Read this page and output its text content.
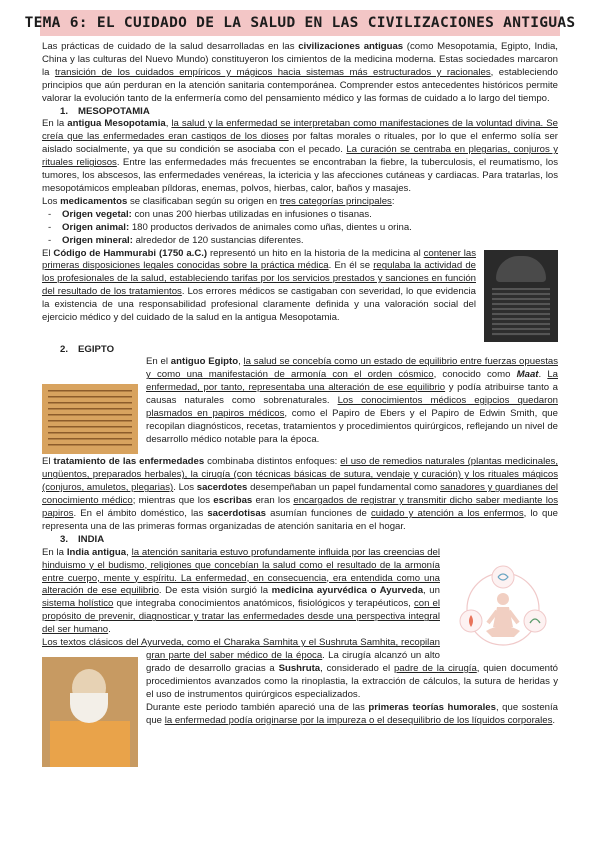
TEMA 6: EL CUIDADO DE LA SALUD EN LAS CIVILIZACIONES ANTIGUAS

Las prácticas de cuidado de la salud desarrolladas en las civilizaciones antiguas (como Mesopotamia, Egipto, India, China y las culturas del Nuevo Mundo) constituyeron los cimientos de la medicina moderna. Estas sociedades marcaron la transición de los cuidados empíricos y mágicos hacia sistemas más estructurados y racionales, estableciendo principios que aún perduran en la atención sanitaria contemporánea. Comprender estos antecedentes históricos permite valorar la evolución tanto de la enfermería como del pensamiento médico y las formas de cuidado a lo largo del tiempo.

1. MESOPOTAMIA

En la antigua Mesopotamia, la salud y la enfermedad se interpretaban como manifestaciones de la voluntad divina. Se creía que las enfermedades eran castigos de los dioses por faltas morales o rituales, por lo que el enfermo solía ser aislado socialmente, ya que su condición se asociaba con el pecado. La curación se centraba en plegarias, conjuros y rituales religiosos. Entre las enfermedades más frecuentes se encontraban la fiebre, la tuberculosis, el reumatismo, los tumores, los abscesos, las enfermedades venéreas, la ictericia y las afecciones cutáneas y cardiacas. Para tratarlas, los mesopotámicos empleaban píldoras, enemas, polvos, hierbas, calor, baños y masajes.

Los medicamentos se clasificaban según su origen en tres categorías principales:

- Origen vegetal: con unas 200 hierbas utilizadas en infusiones o tisanas.
- Origen animal: 180 productos derivados de animales como uñas, dientes u orina.
- Origen mineral: alrededor de 120 sustancias diferentes.

El Código de Hammurabi (1750 a.C.) representó un hito en la historia de la medicina al contener las primeras disposiciones legales conocidas sobre la práctica médica. En él se regulaba la actividad de los profesionales de la salud, estableciendo tarifas por los servicios prestados y sanciones en función del resultado de los tratamientos. Los errores médicos se castigaban con severidad, lo que evidencia la existencia de una responsabilidad profesional claramente definida y una valoración social del ejercicio médico y del cuidado de la salud en la antigua Mesopotamia.

2. EGIPTO

En el antiguo Egipto, la salud se concebía como un estado de equilibrio entre fuerzas opuestas y como una manifestación de armonía con el orden cósmico, conocido como Maat. La enfermedad, por tanto, representaba una alteración de ese equilibrio y podía atribuirse tanto a causas naturales como sobrenaturales. Los conocimientos médicos egipcios quedaron plasmados en papiros médicos, como el Papiro de Ebers y el Papiro de Edwin Smith, que recopilan diagnósticos, recetas, tratamientos y procedimientos quirúrgicos, reflejando un nivel de desarrollo médico notable para la época.

El tratamiento de las enfermedades combinaba distintos enfoques: el uso de remedios naturales (plantas medicinales, ungüentos, preparados herbales), la cirugía (con técnicas básicas de sutura, vendaje y curación) y los rituales mágicos (conjuros, amuletos, plegarias). Los sacerdotes desempeñaban un papel fundamental como sanadores y guardianes del conocimiento médico; mientras que los escribas eran los encargados de registrar y transmitir dicho saber mediante los papiros. En el ámbito doméstico, las sacerdotisas asumían funciones de cuidado y atención a los enfermos, lo que representa una de las primeras formas organizadas de atención sanitaria en el hogar.

3. INDIA

En la India antigua, la atención sanitaria estuvo profundamente influida por las creencias del hinduismo y el budismo, religiones que concebían la salud como el resultado de la armonía entre cuerpo, mente y espíritu. La enfermedad, en consecuencia, era entendida como una alteración de ese equilibrio. De esta visión surgió la medicina ayurvédica o Ayurveda, un sistema holístico que integraba conocimientos anatómicos, fisiológicos y terapéuticos, con el propósito de prevenir, diagnosticar y tratar las enfermedades desde una perspectiva integral del ser humano.

Los textos clásicos del Ayurveda, como el Charaka Samhita y el Sushruta Samhita, recopilan gran parte del saber médico de la época. La cirugía alcanzó un alto grado de desarrollo gracias a Sushruta, considerado el padre de la cirugía, quien documentó procedimientos avanzados como la rinoplastia, la extracción de cálculos, la sutura de heridas y el uso de instrumentos quirúrgicos especializados.

Durante este periodo también apareció una de las primeras teorías humorales, que sostenía que la enfermedad podía originarse por la impureza o el desequilibrio de los líquidos corporales.
